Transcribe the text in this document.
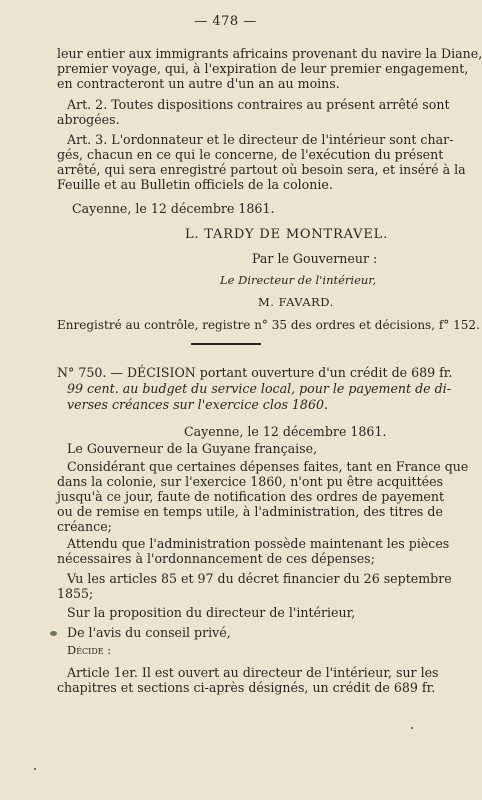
— 478 —
leur entier aux immigrants africains provenant du navire la Diane,
premier voyage, qui, à l'expiration de leur premier engagement,
en contracteront un autre d'un an au moins.
Art. 2. Toutes dispositions contraires au présent arrêté sont
abrogées.
Art. 3. L'ordonnateur et le directeur de l'intérieur sont char-
gés, chacun en ce qui le concerne, de l'exécution du présent
arrêté, qui sera enregistré partout où besoin sera, et inséré à la
Feuille et au Bulletin officiels de la colonie.
Cayenne, le 12 décembre 1861.
L. TARDY DE MONTRAVEL.
Par le Gouverneur :
Le Directeur de l'intérieur,
M. FAVARD.
Enregistré au contrôle, registre n° 35 des ordres et décisions, f° 152.
N° 750. — DÉCISION portant ouverture d'un crédit de 689 fr.
99 cent. au budget du service local, pour le payement de di-
verses créances sur l'exercice clos 1860.
Cayenne, le 12 décembre 1861.
Le Gouverneur de la Guyane française,
Considérant que certaines dépenses faites, tant en France que
dans la colonie, sur l'exercice 1860, n'ont pu être acquittées
jusqu'à ce jour, faute de notification des ordres de payement
ou de remise en temps utile, à l'administration, des titres de
créance;
Attendu que l'administration possède maintenant les pièces
nécessaires à l'ordonnancement de ces dépenses;
Vu les articles 85 et 97 du décret financier du 26 septembre
1855;
Sur la proposition du directeur de l'intérieur,
De l'avis du conseil privé,
Décide :
Article 1er. Il est ouvert au directeur de l'intérieur, sur les
chapitres et sections ci-après désignés, un crédit de 689 fr.
